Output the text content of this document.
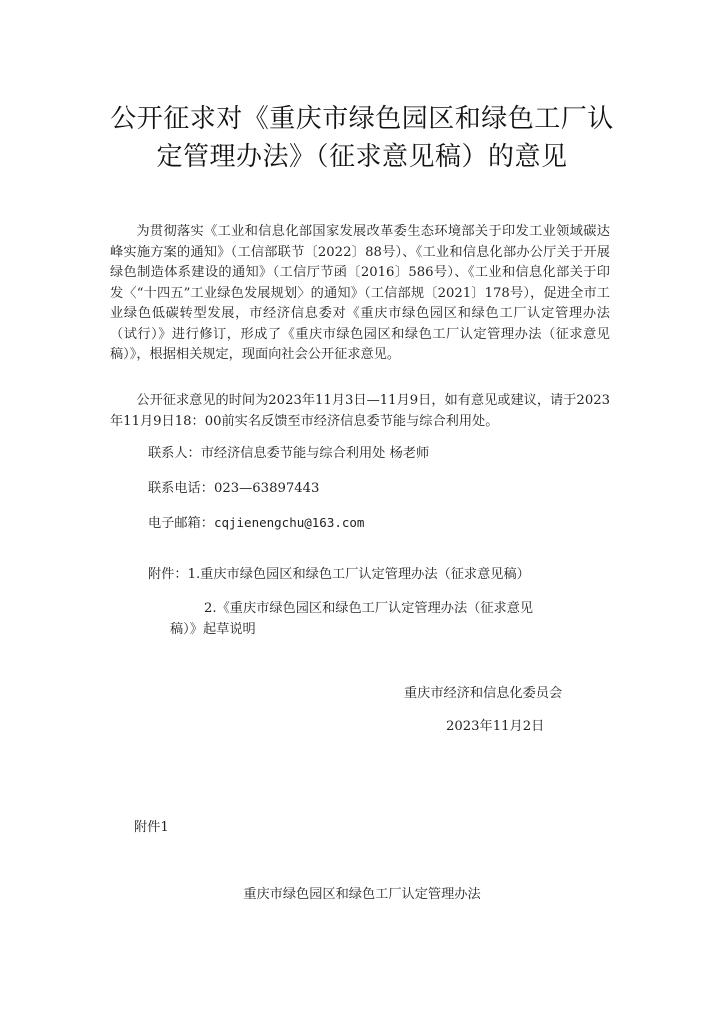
公开征求对《重庆市绿色园区和绿色工厂认
定管理办法》（征求意见稿）的意见

为贯彻落实《工业和信息化部国家发展改革委生态环境部关于印发工业领域碳达峰实施方案的通知》（工信部联节〔2022〕88号）、《工业和信息化部办公厅关于开展绿色制造体系建设的通知》（工信厅节函〔2016〕586号）、《工业和信息化部关于印发〈“十四五”工业绿色发展规划〉的通知》（工信部规〔2021〕178号），促进全市工业绿色低碳转型发展，市经济信息委对《重庆市绿色园区和绿色工厂认定管理办法（试行）》进行修订，形成了《重庆市绿色园区和绿色工厂认定管理办法（征求意见稿）》，根据相关规定，现面向社会公开征求意见。

公开征求意见的时间为2023年11月3日—11月9日，如有意见或建议，请于2023年11月9日18：00前实名反馈至市经济信息委节能与综合利用处。

联系人：市经济信息委节能与综合利用处 杨老师
联系电话：023—63897443
电子邮箱：cqjienengchu@163.com
附件：1.重庆市绿色园区和绿色工厂认定管理办法（征求意见稿）
2.《重庆市绿色园区和绿色工厂认定管理办法（征求意见
稿）》起草说明
重庆市经济和信息化委员会
2023年11月2日
附件1
重庆市绿色园区和绿色工厂认定管理办法
